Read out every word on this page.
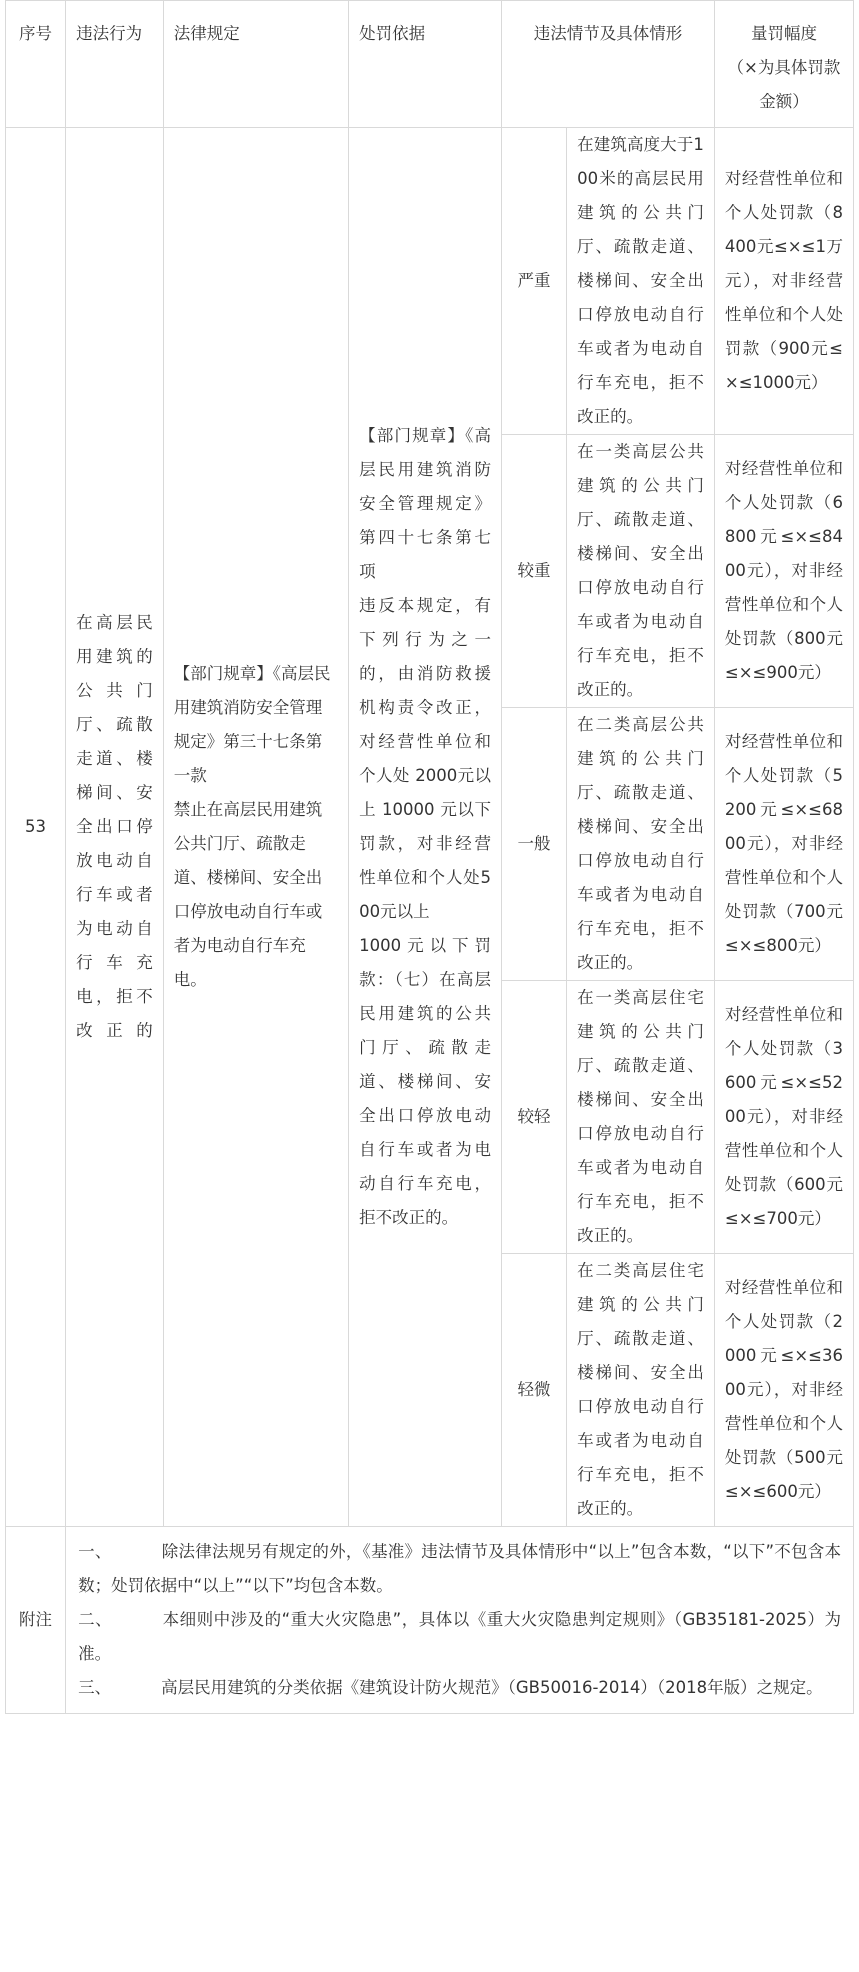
序号	违法行为	法律规定	处罚依据	违法情节及具体情形		量罚幅度
（×为具体罚款金额）

53	在高层民用建筑的公共门厅、疏散走道、楼梯间、安全出口停放电动自行车或者为电动自行车充电，拒不改正的	【部门规章】《高层民用建筑消防安全管理规定》第三十七条第一款
禁止在高层民用建筑公共门厅、疏散走道、楼梯间、安全出口停放电动自行车或者为电动自行车充电。	【部门规章】《高层民用建筑消防安全管理规定》第四十七条第七项
违反本规定，有下列行为之一的，由消防救援机构责令改正，对经营性单位和个人处 2000元以上 10000 元以下罚款，对非经营性单位和个人处500元以上
1000元以下罚款：（七）在高层民用建筑的公共门厅、疏散走道、楼梯间、安全出口停放电动自行车或者为电动自行车充电，拒不改正的。	严重	在建筑高度大于100米的高层民用建筑的公共门厅、疏散走道、楼梯间、安全出口停放电动自行车或者为电动自行车充电，拒不改正的。	对经营性单位和个人处罚款（8400元≤×≤1万元），对非经营性单位和个人处罚款（900元≤×≤1000元）
				较重	在一类高层公共建筑的公共门厅、疏散走道、楼梯间、安全出口停放电动自行车或者为电动自行车充电，拒不改正的。	对经营性单位和个人处罚款（6800元≤×≤8400元），对非经营性单位和个人处罚款（800元≤×≤900元）
				一般	在二类高层公共建筑的公共门厅、疏散走道、楼梯间、安全出口停放电动自行车或者为电动自行车充电，拒不改正的。	对经营性单位和个人处罚款（5200元≤×≤6800元），对非经营性单位和个人处罚款（700元≤×≤800元）
				较轻	在一类高层住宅建筑的公共门厅、疏散走道、楼梯间、安全出口停放电动自行车或者为电动自行车充电，拒不改正的。	对经营性单位和个人处罚款（3600元≤×≤5200元），对非经营性单位和个人处罚款（600元≤×≤700元）
				轻微	在二类高层住宅建筑的公共门厅、疏散走道、楼梯间、安全出口停放电动自行车或者为电动自行车充电，拒不改正的。	对经营性单位和个人处罚款（2000元≤×≤3600元），对非经营性单位和个人处罚款（500元≤×≤600元）
附注	一、 除法律法规另有规定的外，《基准》违法情节及具体情形中“以上”包含本数，“以下”不包含本数；处罚依据中“以上”“以下”均包含本数。
二、 本细则中涉及的“重大火灾隐患”，具体以《重大火灾隐患判定规则》（GB35181-2025）为准。
三、 高层民用建筑的分类依据《建筑设计防火规范》（GB50016-2014）（2018年版）之规定。					
